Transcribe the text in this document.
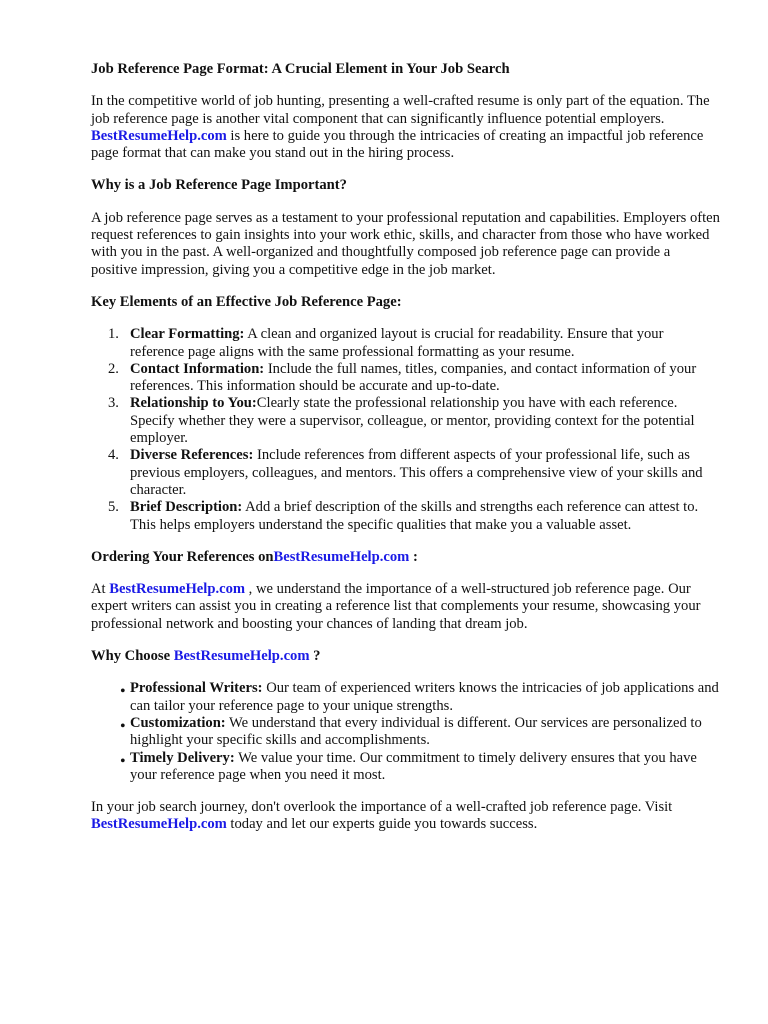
Job Reference Page Format: A Crucial Element in Your Job Search

In the competitive world of job hunting, presenting a well-crafted resume is only part of the equation. The job reference page is another vital component that can significantly influence potential employers. BestResumeHelp.com is here to guide you through the intricacies of creating an impactful job reference page format that can make you stand out in the hiring process.

Why is a Job Reference Page Important?

A job reference page serves as a testament to your professional reputation and capabilities. Employers often request references to gain insights into your work ethic, skills, and character from those who have worked with you in the past. A well-organized and thoughtfully composed job reference page can provide a positive impression, giving you a competitive edge in the job market.

Key Elements of an Effective Job Reference Page:
1. Clear Formatting: A clean and organized layout is crucial for readability. Ensure that your reference page aligns with the same professional formatting as your resume.
2. Contact Information: Include the full names, titles, companies, and contact information of your references. This information should be accurate and up-to-date.
3. Relationship to You:Clearly state the professional relationship you have with each reference. Specify whether they were a supervisor, colleague, or mentor, providing context for the potential employer.
4. Diverse References: Include references from different aspects of your professional life, such as previous employers, colleagues, and mentors. This offers a comprehensive view of your skills and character.
5. Brief Description: Add a brief description of the skills and strengths each reference can attest to. This helps employers understand the specific qualities that make you a valuable asset.
Ordering Your References onBestResumeHelp.com :

At BestResumeHelp.com , we understand the importance of a well-structured job reference page. Our expert writers can assist you in creating a reference list that complements your resume, showcasing your professional network and boosting your chances of landing that dream job.

Why Choose BestResumeHelp.com ?
• Professional Writers: Our team of experienced writers knows the intricacies of job applications and can tailor your reference page to your unique strengths.
• Customization: We understand that every individual is different. Our services are personalized to highlight your specific skills and accomplishments.
• Timely Delivery: We value your time. Our commitment to timely delivery ensures that you have your reference page when you need it most.

In your job search journey, don't overlook the importance of a well-crafted job reference page. Visit BestResumeHelp.com today and let our experts guide you towards success.
